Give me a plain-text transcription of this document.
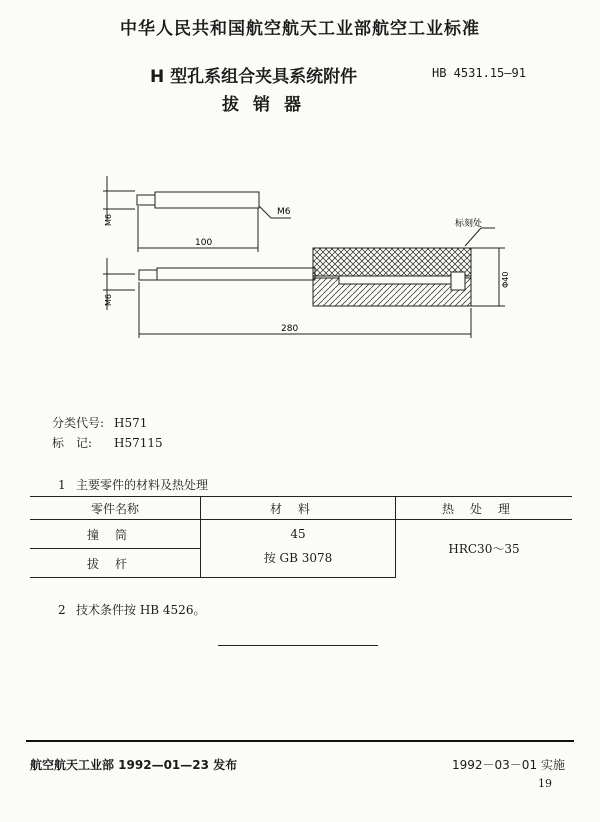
中华人民共和国航空航天工业部航空工业标准
H 型孔系组合夹具系统附件	HB 4531.15—91
拔销器
M6
M6
100
M6
280
Φ40
标刻处
分类代号: H571
标　记: H57115
1 主要零件的材料及热处理
零件名称	材料	热处理
撞筒	45	HRC30～35
拔杆	按 GB 3078	
2 技术条件按 HB 4526。
航空航天工业部 1992—01—23 发布	1992－03－01 实施
19
